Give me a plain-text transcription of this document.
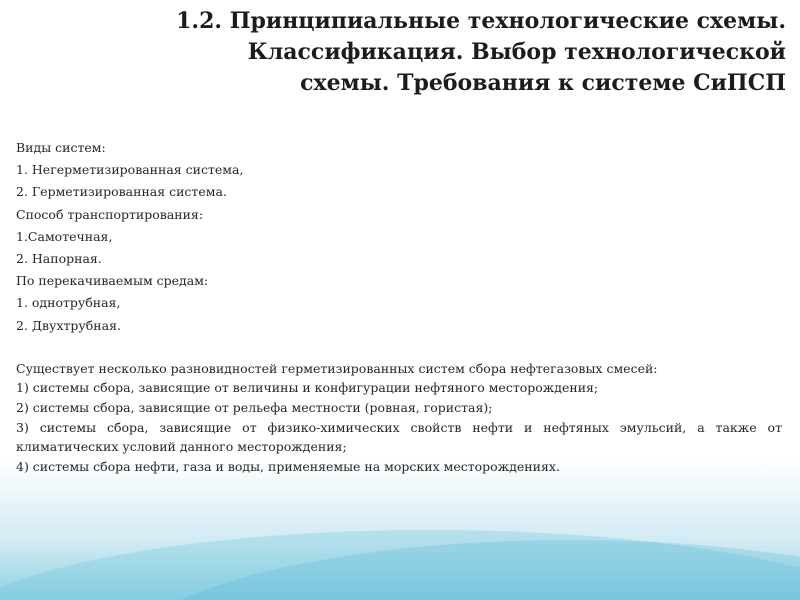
1.2. Принципиальные технологические схемы.
Классификация. Выбор технологической
схемы. Требования к системе СиПСП

Виды систем:

1. Негерметизированная система,

2. Герметизированная система.

Способ транспортирования:

1.Самотечная,

2. Напорная.

По перекачиваемым средам:

1. однотрубная,

2. Двухтрубная.

Существует несколько разновидностей герметизированных систем сбора нефтегазовых смесей:

1) системы сбора, зависящие от величины и конфигурации нефтяного месторождения;

2) системы сбора, зависящие от рельефа местности (ровная, гористая);

3) системы сбора, зависящие от физико-химических свойств нефти и нефтяных эмульсий, а также от климатических условий данного месторождения;

4) системы сбора нефти, газа и воды, применяемые на морских месторождениях.
